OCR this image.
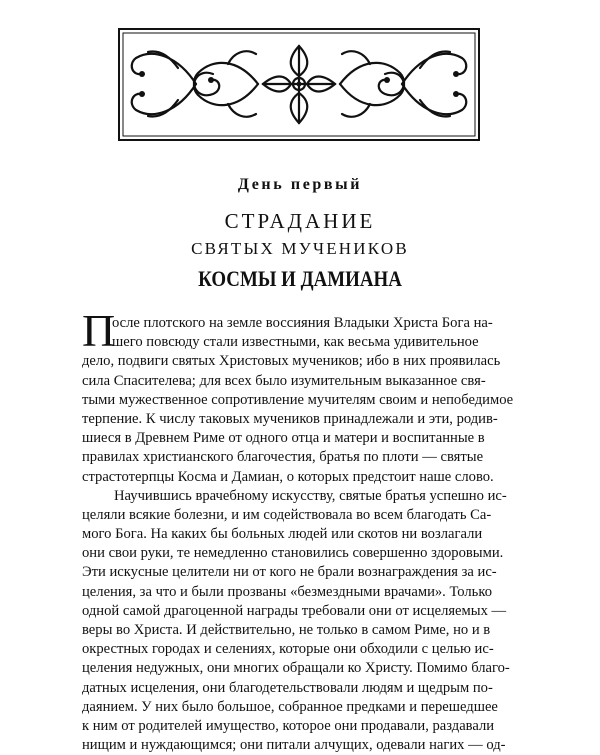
День первый
СТРАДАНИЕ
СВЯТЫХ МУЧЕНИКОВ
КОСМЫ И ДАМИАНА
П
осле плотского на земле воссияния Владыки Христа Бога на-
шего повсюду стали известными, как весьма удивительное
дело, подвиги святых Христовых мучеников; ибо в них проявилась
сила Спасителева; для всех было изумительным выказанное свя-
тыми мужественное сопротивление мучителям своим и непобедимое
терпение. К числу таковых мучеников принадлежали и эти, родив-
шиеся в Древнем Риме от одного отца и матери и воспитанные в
правилах христианского благочестия, братья по плоти — святые
страстотерпцы Косма и Дамиан, о которых предстоит наше слово.
Научившись врачебному искусству, святые братья успешно ис-
целяли всякие болезни, и им содействовала во всем благодать Са-
мого Бога. На каких бы больных людей или скотов ни возлагали
они свои руки, те немедленно становились совершенно здоровыми.
Эти искусные целители ни от кого не брали вознаграждения за ис-
целения, за что и были прозваны «безмездными врачами». Только
одной самой драгоценной награды требовали они от исцеляемых —
веры во Христа. И действительно, не только в самом Риме, но и в
окрестных городах и селениях, которые они обходили с целью ис-
целения недужных, они многих обращали ко Христу. Помимо благо-
датных исцеления, они благодетельствовали людям и щедрым по-
даянием. У них было большое, собранное предками и перешедшее
к ним от родителей имущество, которое они продавали, раздавали
нищим и нуждающимся; они питали алчущих, одевали нагих — од-
